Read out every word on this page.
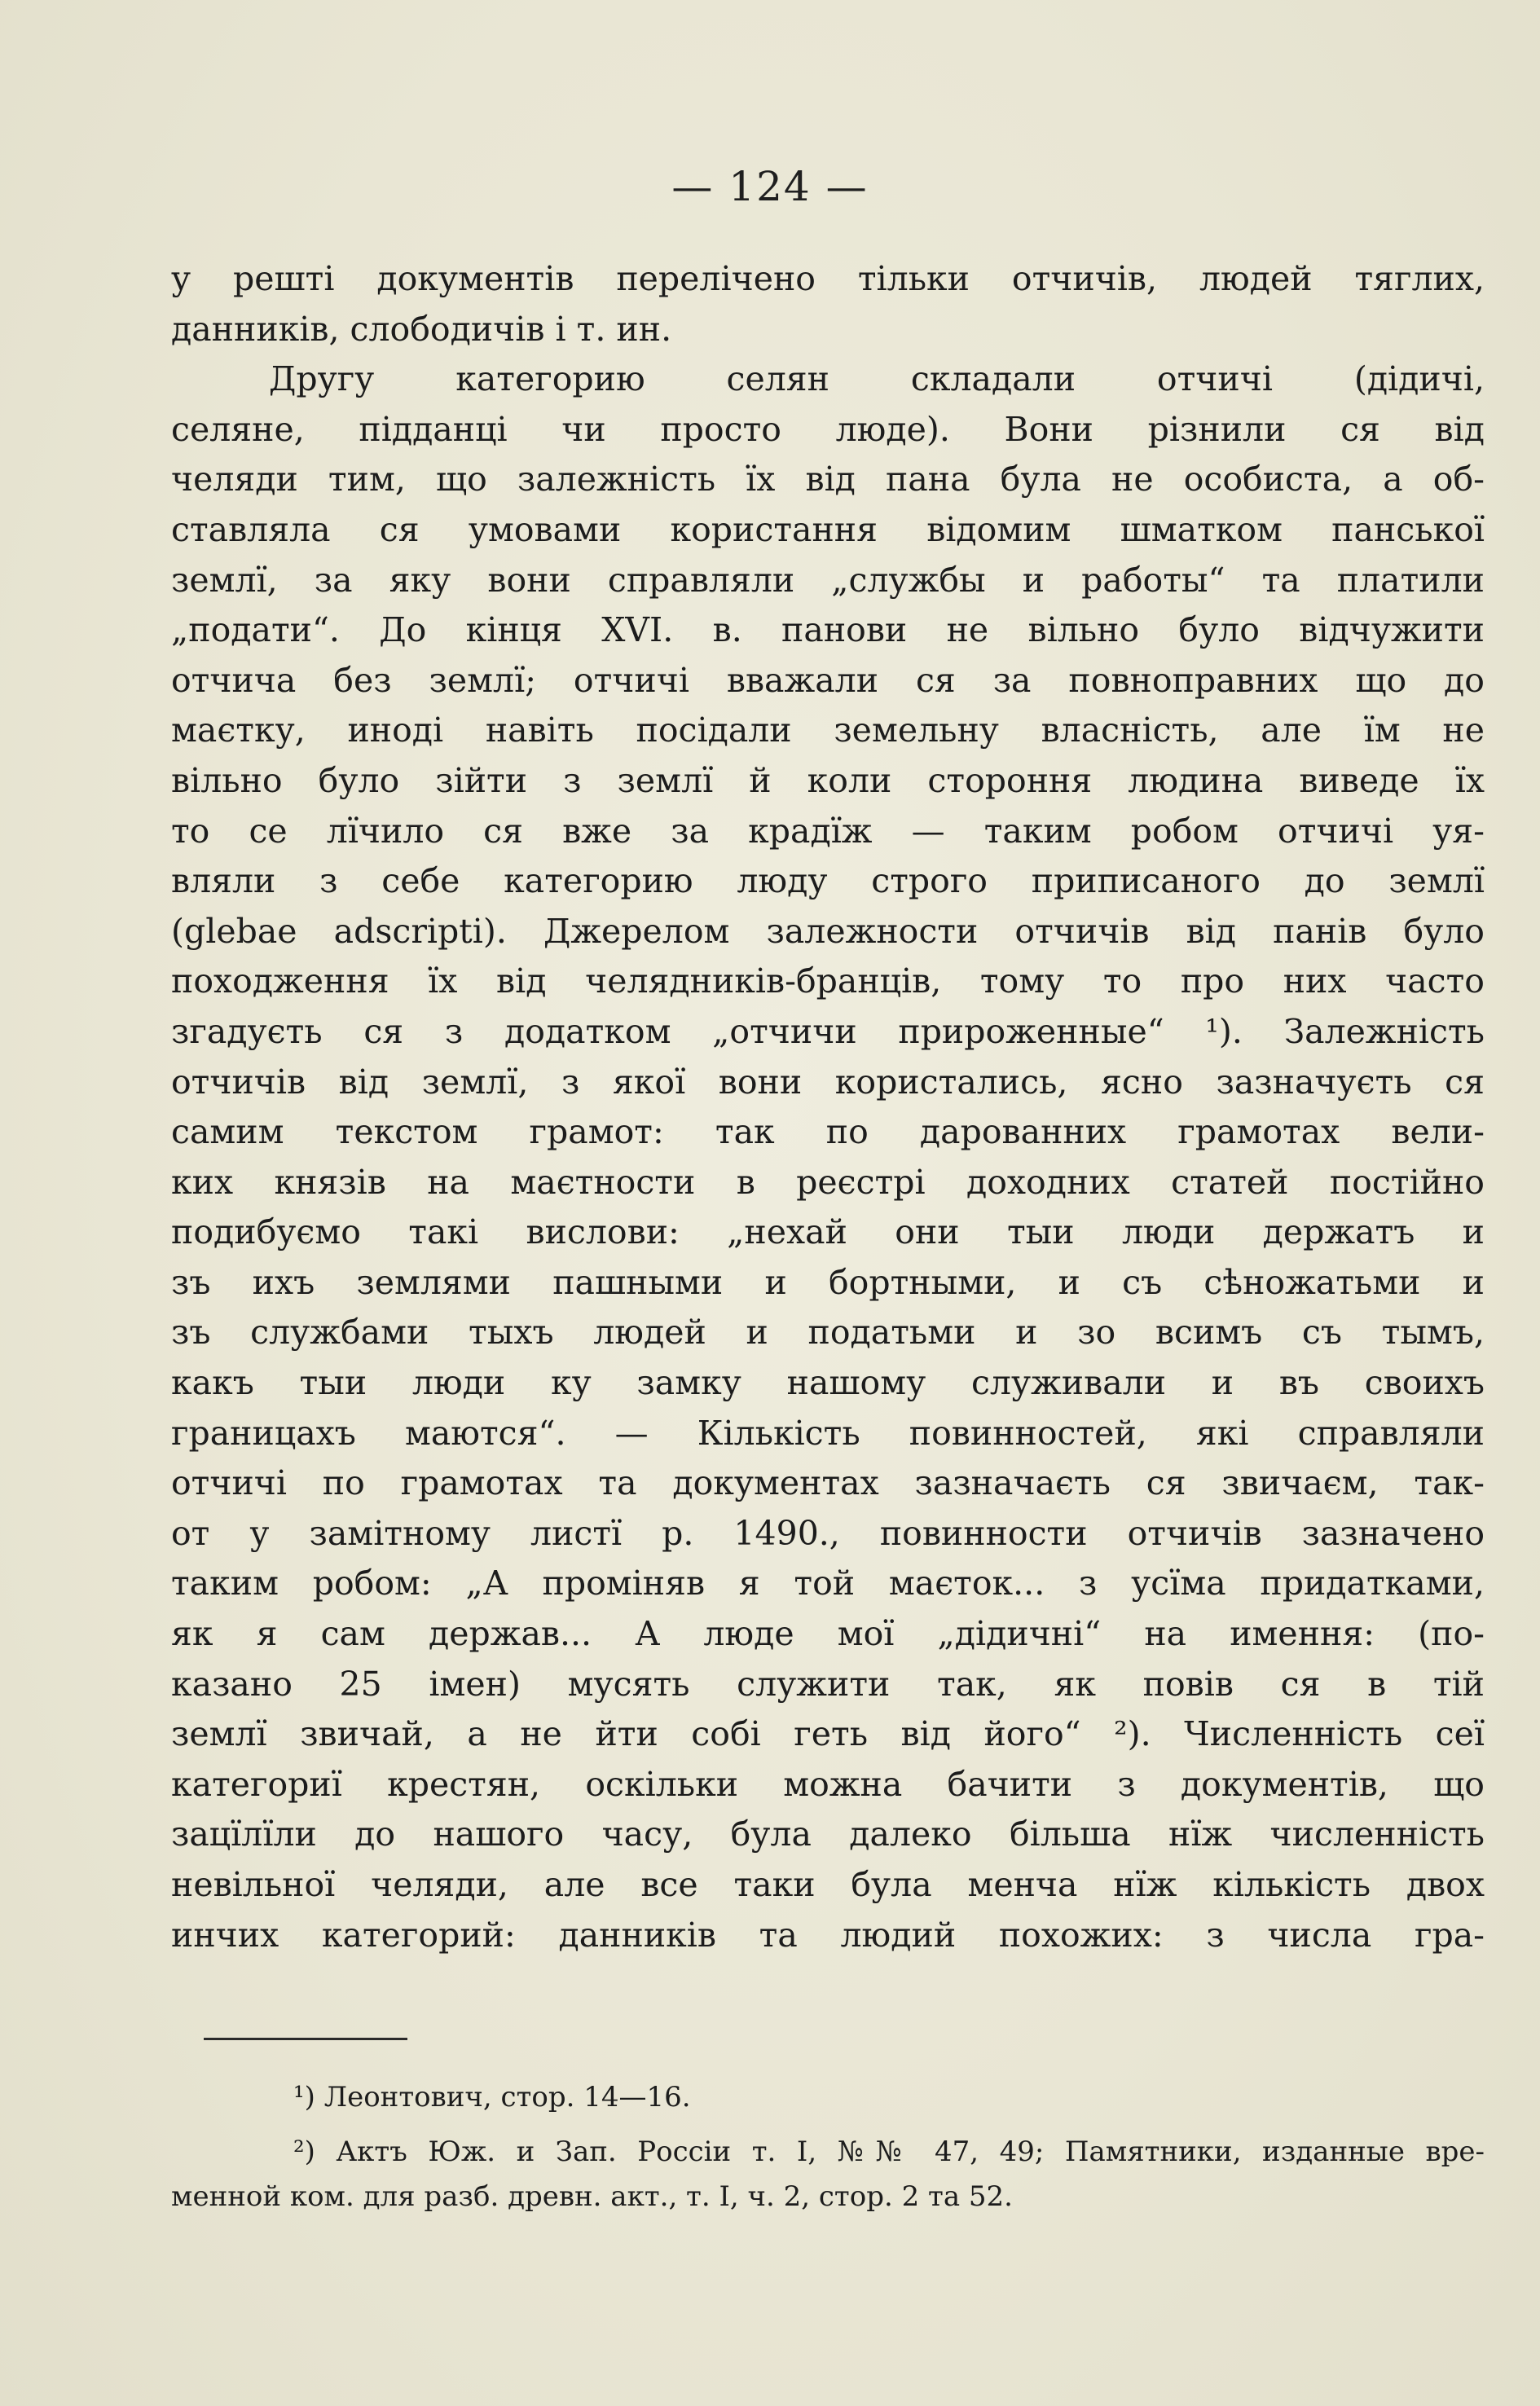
— 124 —
у решті документів перелічено тільки отчичів, людей тяглих,
данників, слободичів і т. ин.
Другу категорию селян складали отчичі (дідичі,
селяне, підданці чи просто люде). Вони різнили ся від
челяди тим, що залежність їх від пана була не особиста, а об-
ставляла ся умовами користання відомим шматком панської
землї, за яку вони справляли „службы и работы“ та платили
„подати“. До кінця XVI. в. панови не вільно було відчужити
отчича без землї; отчичі вважали ся за повноправних що до
маєтку, иноді навіть посідали земельну власність, але їм не
вільно було зійти з землї й коли стороння людина виведе їх
то се лїчило ся вже за крадїж — таким робом отчичі уя-
вляли з себе категорию люду строго приписаного до землї
(glebae adscripti). Джерелом залежности отчичів від панів було
походження їх від челядників-бранців, тому то про них часто
згадуєть ся з додатком „отчичи прироженные“ ¹). Залежність
отчичів від землї, з якої вони користались, ясно зазначуєть ся
самим текстом грамот: так по дарованних грамотах вели-
ких князів на маєтности в реєстрі доходних статей постійно
подибуємо такі вислови: „нехай они тыи люди держатъ и
зъ ихъ землями пашными и бортными, и съ сѣножатьми и
зъ службами тыхъ людей и податьми и зо всимъ съ тымъ,
какъ тыи люди ку замку нашому служивали и въ своихъ
границахъ маются“. — Кількість повинностей, які справляли
отчичі по грамотах та документах зазначаєть ся звичаєм, так-
от у замітному листї р. 1490., повинности отчичів зазначено
таким робом: „А проміняв я той маєток... з усїма придатками,
як я сам держав... А люде мої „дідичні“ на имення: (по-
казано 25 імен) мусять служити так, як повів ся в тій
землї звичай, а не йти собі геть від його“ ²). Численність сеї
категориї крестян, оскільки можна бачити з документів, що
зацїлїли до нашого часу, була далеко більша нїж численність
невільної челяди, але все таки була менча нїж кількість двох
инчих категорий: данників та людий похожих: з числа гра-
¹) Леонтович, стор. 14—16.
²) Актъ Юж. и Зап. Россіи т. I, №№ 47, 49; Памятники, изданные вре-
менной ком. для разб. древн. акт., т. I, ч. 2, стор. 2 та 52.
